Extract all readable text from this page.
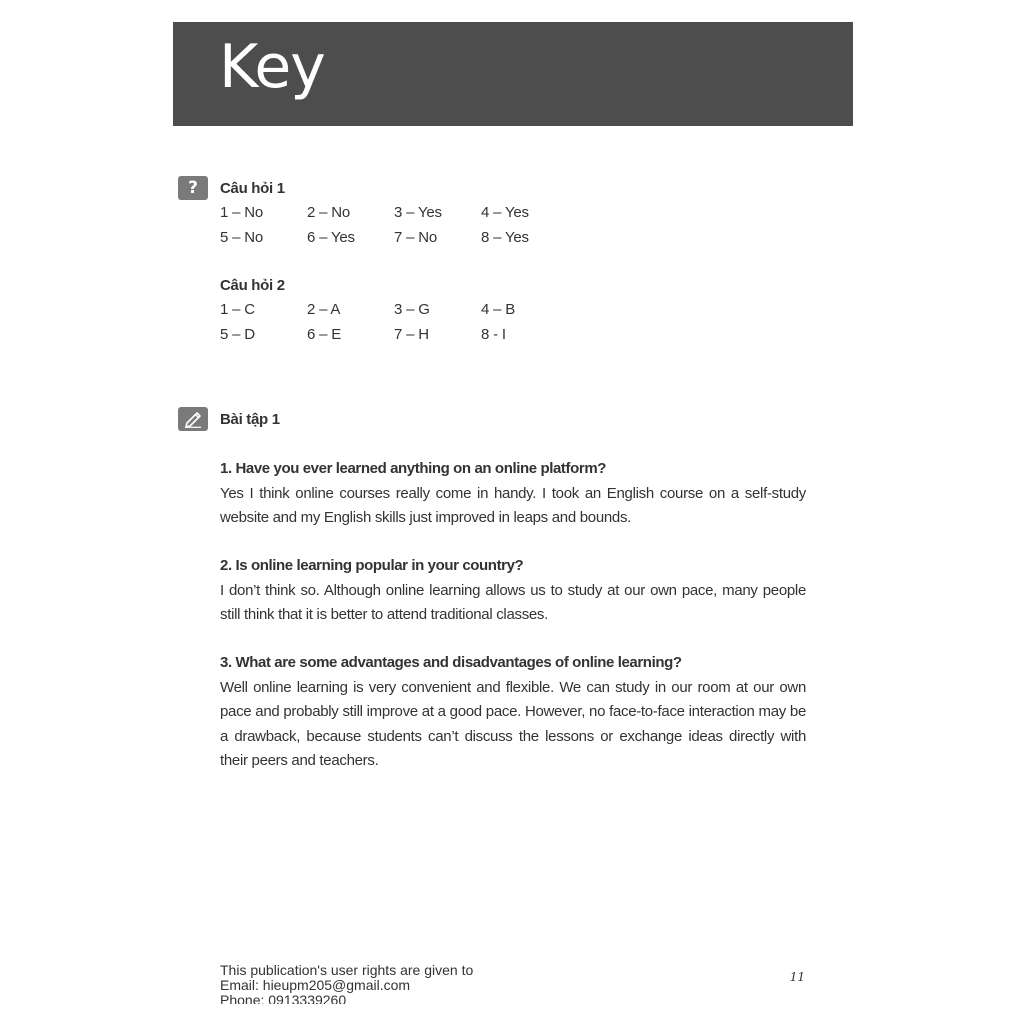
Key
? Câu hỏi 1
1 – No	2 – No	3 – Yes	4 – Yes
5 – No	6 – Yes	7 – No	8 – Yes
Câu hỏi 2
1 – C	2 – A	3 – G	4 – B
5 – D	6 – E	7 – H	8 - I
Bài tập 1

1. Have you ever learned anything on an online platform?

Yes I think online courses really come in handy. I took an English course on a self-study website and my English skills just improved in leaps and bounds.

2. Is online learning popular in your country?

I don’t think so. Although online learning allows us to study at our own pace, many people still think that it is better to attend traditional classes.

3. What are some advantages and disadvantages of online learning?

Well online learning is very convenient and flexible. We can study in our room at our own pace and probably still improve at a good pace. However, no face-to-face interaction may be a drawback, because students can’t discuss the lessons or exchange ideas directly with their peers and teachers.

This publication's user rights are given to
Email: hieupm205@gmail.com
Phone: 0913339260
11
